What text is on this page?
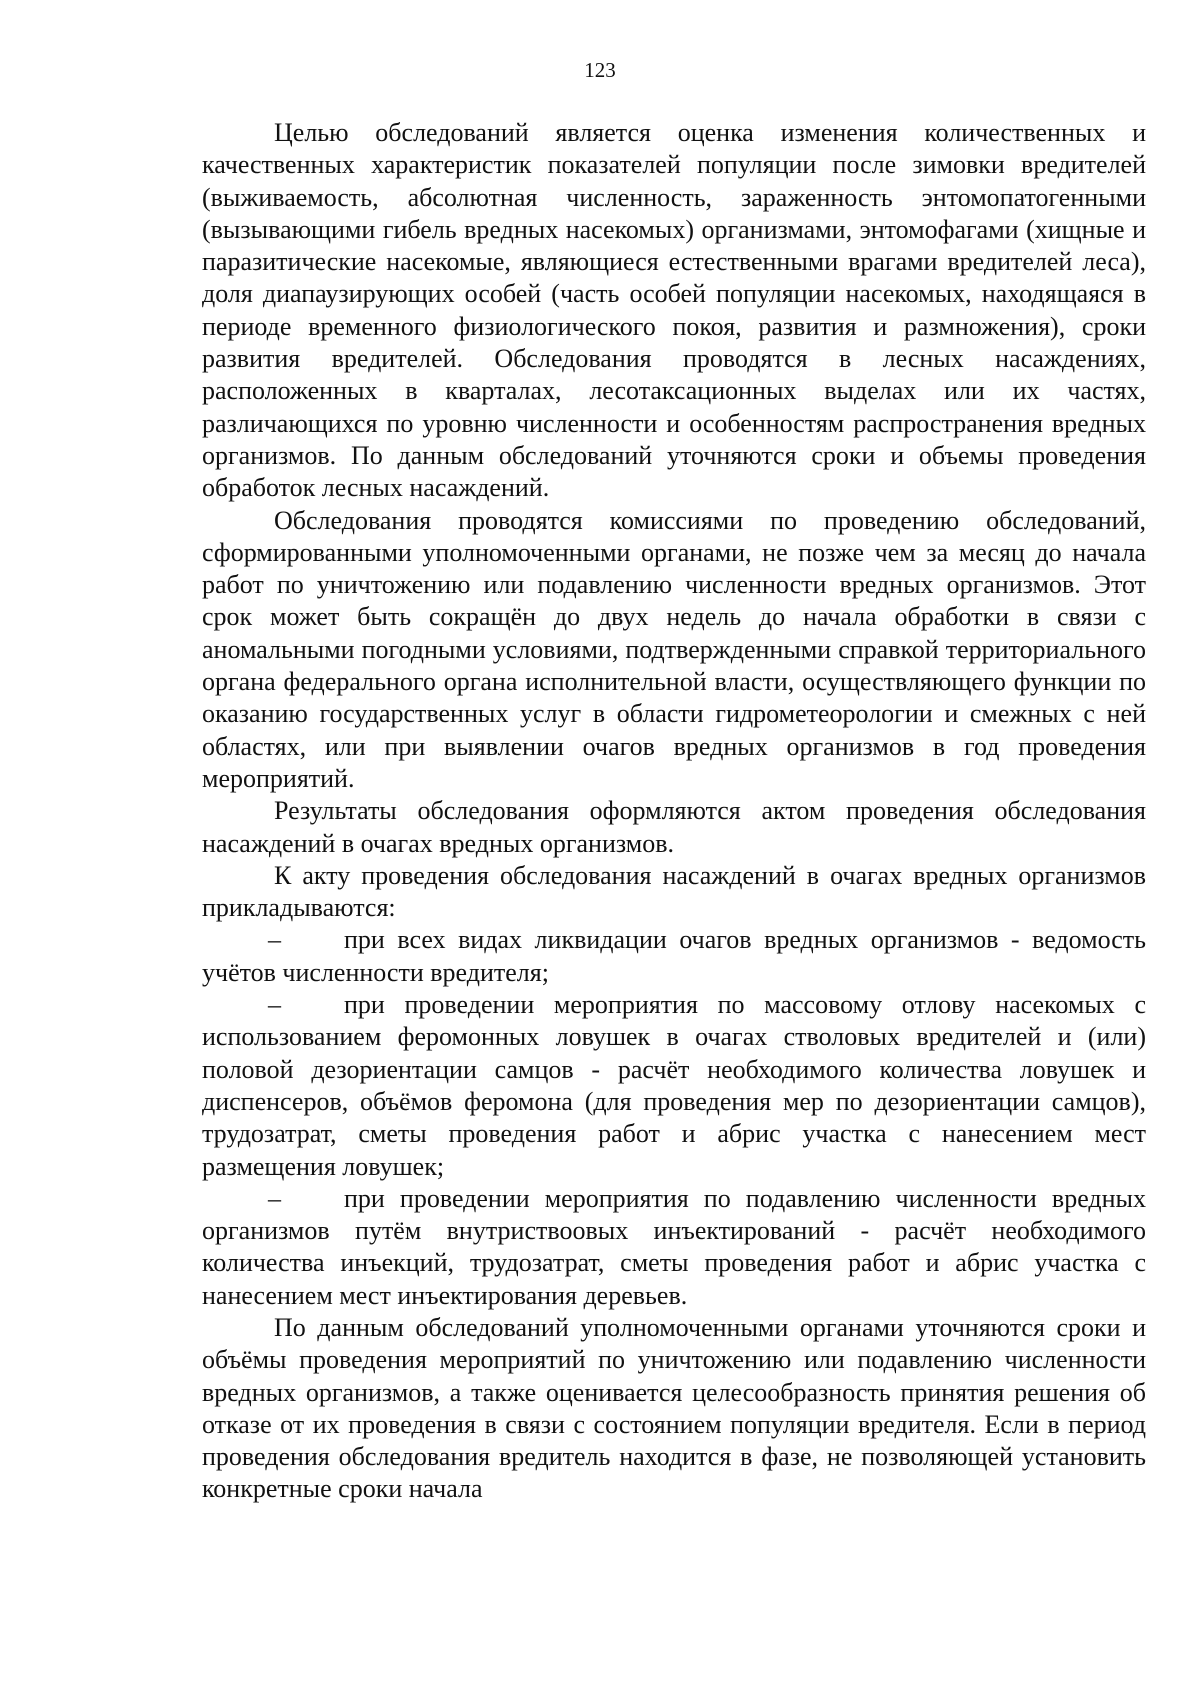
123

Целью обследований является оценка изменения количественных и качественных характеристик показателей популяции после зимовки вредителей (выживаемость, абсолютная численность, зараженность энтомопатогенными (вызывающими гибель вредных насекомых) организмами, энтомофагами (хищные и паразитические насекомые, являющиеся естественными врагами вредителей леса), доля диапаузирующих особей (часть особей популяции насекомых, находящаяся в периоде временного физиологического покоя, развития и размножения), сроки развития вредителей. Обследования проводятся в лесных насаждениях, расположенных в кварталах, лесотаксационных выделах или их частях, различающихся по уровню численности и особенностям распространения вредных организмов. По данным обследований уточняются сроки и объемы проведения обработок лесных насаждений.

Обследования проводятся комиссиями по проведению обследований, сформированными уполномоченными органами, не позже чем за месяц до начала работ по уничтожению или подавлению численности вредных организмов. Этот срок может быть сокращён до двух недель до начала обработки в связи с аномальными погодными условиями, подтвержденными справкой территориального органа федерального органа исполнительной власти, осуществляющего функции по оказанию государственных услуг в области гидрометеорологии и смежных с ней областях, или при выявлении очагов вредных организмов в год проведения мероприятий.

Результаты обследования оформляются актом проведения обследования насаждений в очагах вредных организмов.

К акту проведения обследования насаждений в очагах вредных организмов прикладываются:

– при всех видах ликвидации очагов вредных организмов - ведомость учётов численности вредителя;

– при проведении мероприятия по массовому отлову насекомых с использованием феромонных ловушек в очагах стволовых вредителей и (или) половой дезориентации самцов - расчёт необходимого количества ловушек и диспенсеров, объёмов феромона (для проведения мер по дезориентации самцов), трудозатрат, сметы проведения работ и абрис участка с нанесением мест размещения ловушек;

– при проведении мероприятия по подавлению численности вредных организмов путём внутриствоовых инъектирований - расчёт необходимого количества инъекций, трудозатрат, сметы проведения работ и абрис участка с нанесением мест инъектирования деревьев.

По данным обследований уполномоченными органами уточняются сроки и объёмы проведения мероприятий по уничтожению или подавлению численности вредных организмов, а также оценивается целесообразность принятия решения об отказе от их проведения в связи с состоянием популяции вредителя. Если в период проведения обследования вредитель находится в фазе, не позволяющей установить конкретные сроки начала
